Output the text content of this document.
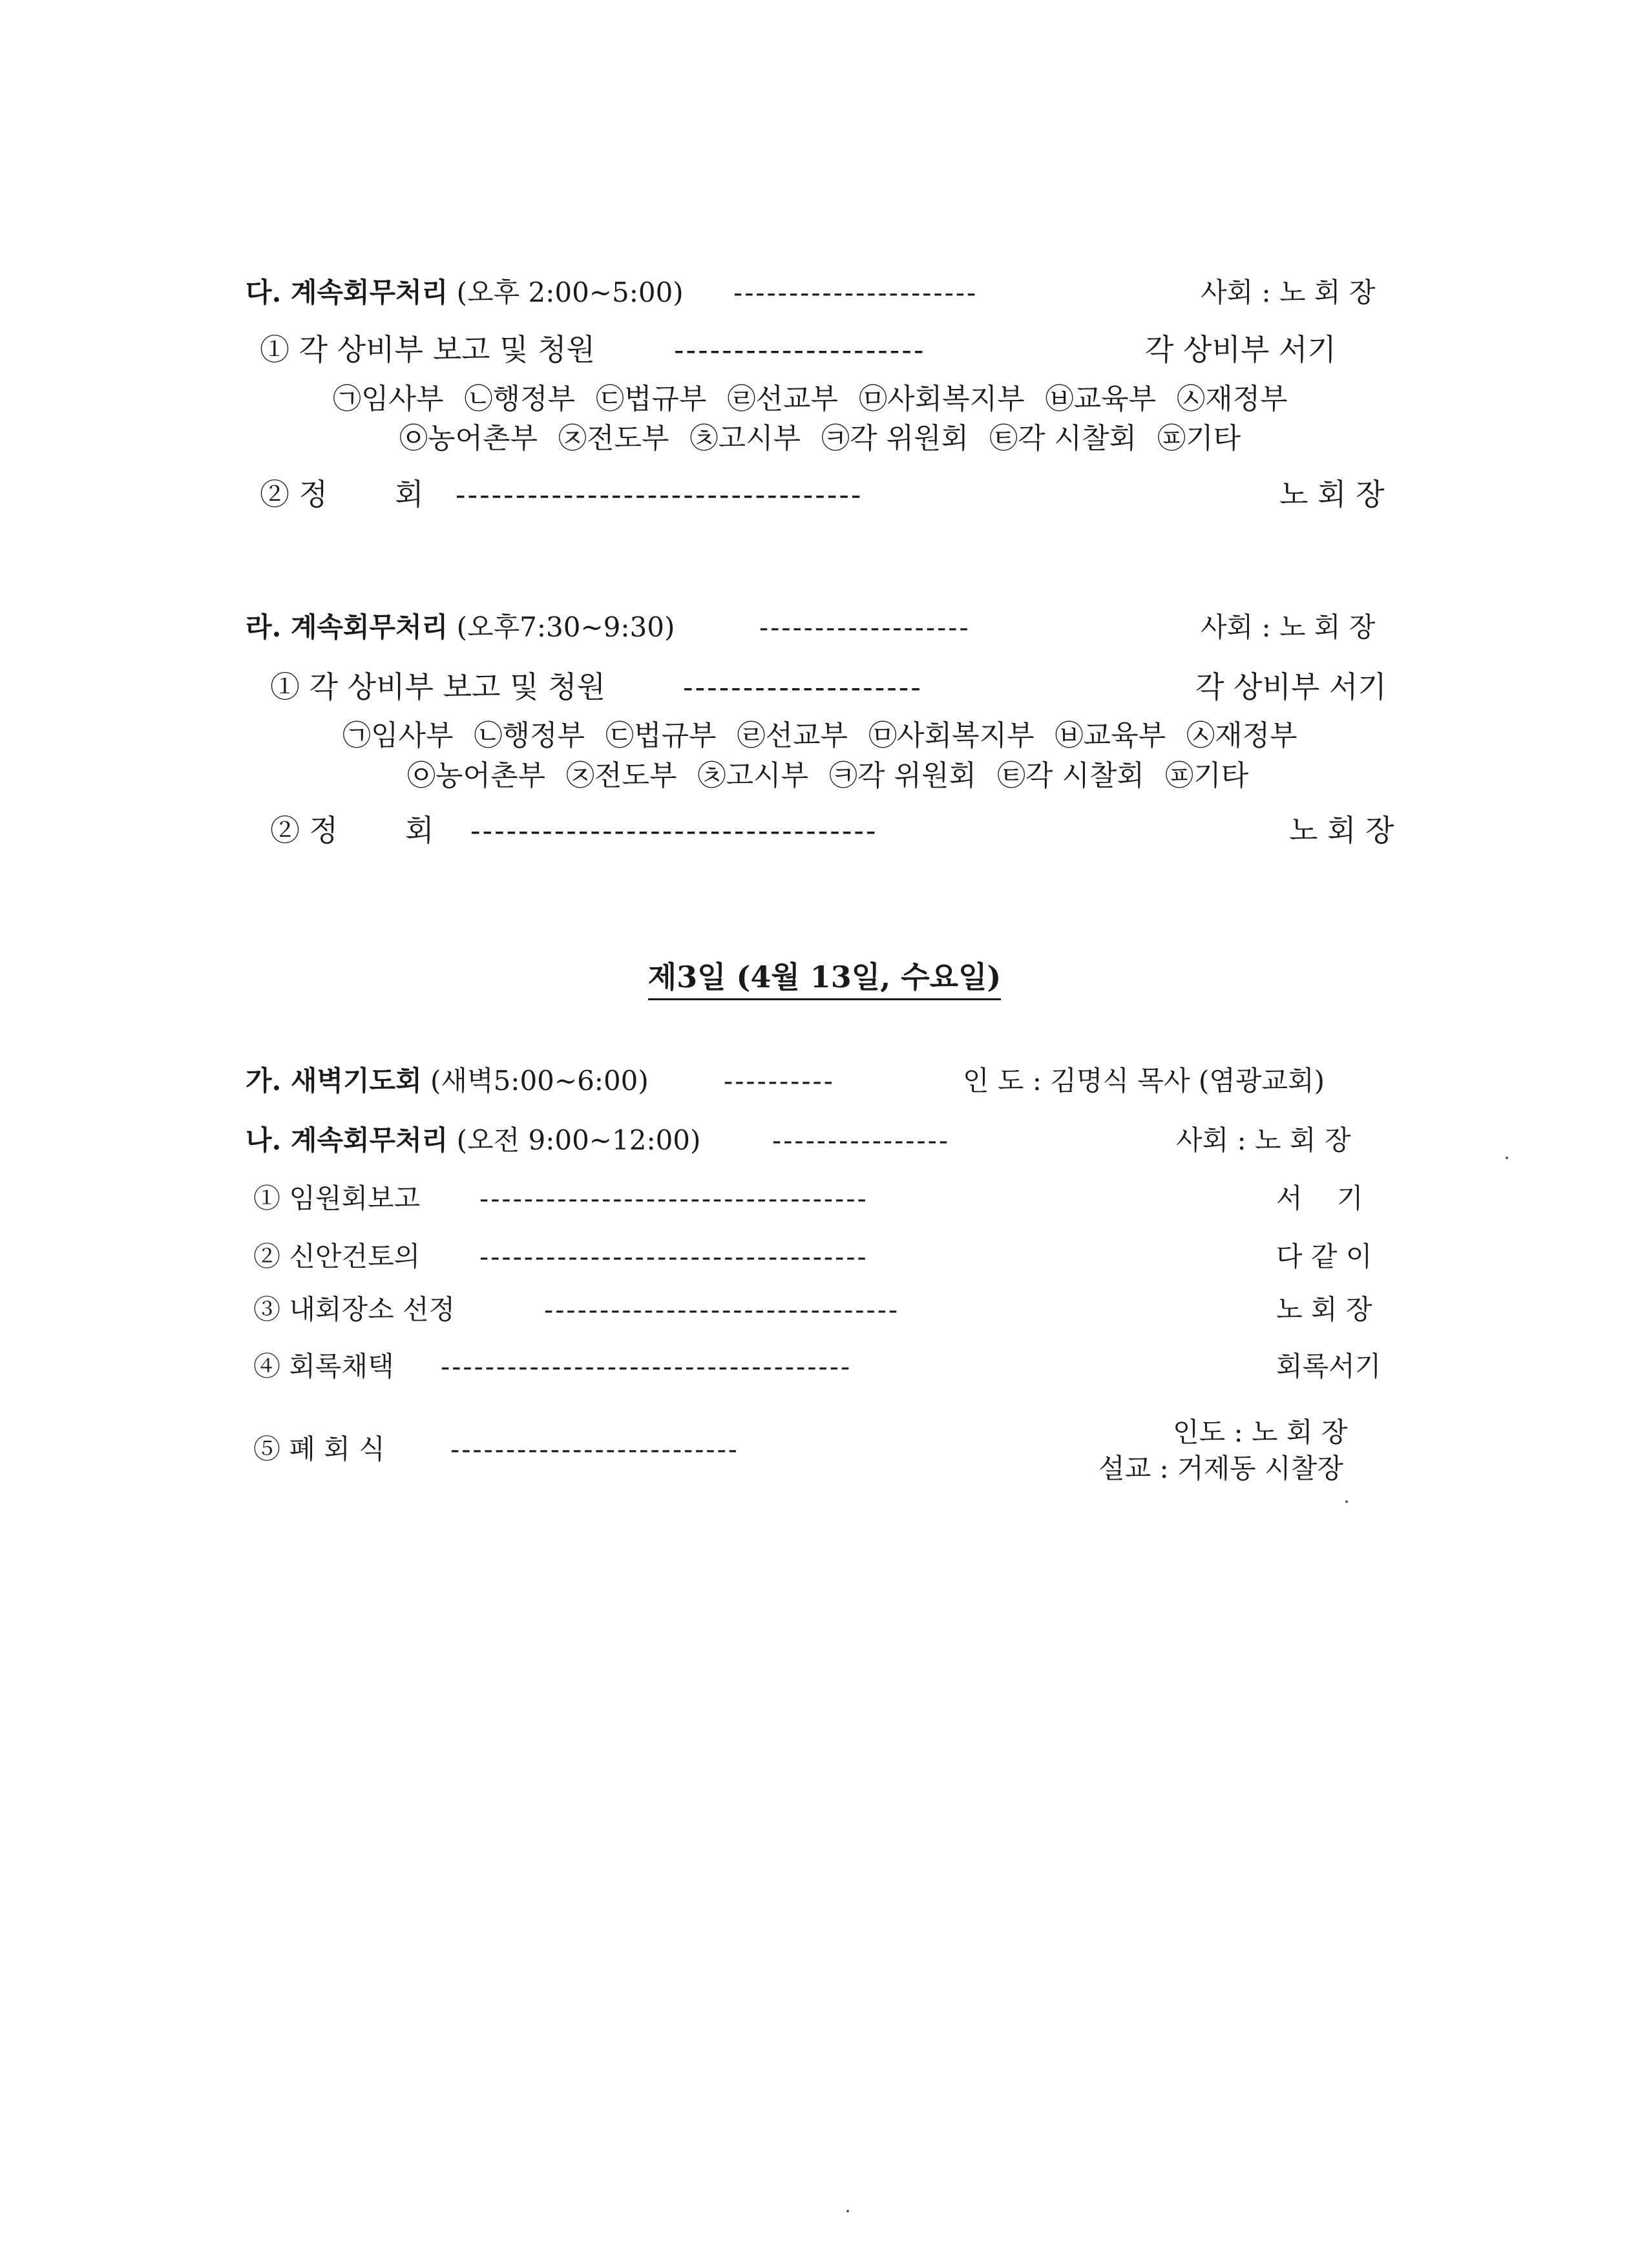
다. 계속회무처리 (오후 2:00~5:00) ----------------------	사회 : 노 회 장
① 각 상비부 보고 및 청원	---------------------	각 상비부 서기
㉠임사부 ㉡행정부 ㉢법규부 ㉣선교부 ㉤사회복지부 ㉥교육부 ㉦재정부
㉧농어촌부 ㉨전도부 ㉩고시부 ㉪각 위원회 ㉫각 시찰회 ㉬기타
② 정 회 ----------------------------------	노 회 장
라. 계속회무처리 (오후7:30~9:30)	-------------------	사회 : 노 회 장
① 각 상비부 보고 및 청원	--------------------	각 상비부 서기
㉠임사부 ㉡행정부 ㉢법규부 ㉣선교부 ㉤사회복지부 ㉥교육부 ㉦재정부
㉧농어촌부 ㉨전도부 ㉩고시부 ㉪각 위원회 ㉫각 시찰회 ㉬기타
② 정 회 ----------------------------------	노 회 장
제3일 (4월 13일, 수요일)
가. 새벽기도회 (새벽5:00~6:00)	----------	인 도 : 김명식 목사 (염광교회)
나. 계속회무처리 (오전 9:00~12:00)	----------------	사회 : 노 회 장
① 임원회보고 -----------------------------------	서    기
② 신안건토의 -----------------------------------	다 같 이
③ 내회장소 선정	--------------------------------	노 회 장
④ 회록채택 -------------------------------------	회록서기
⑤ 폐 회 식 --------------------------
인도 : 노 회 장
설교 : 거제동 시찰장
